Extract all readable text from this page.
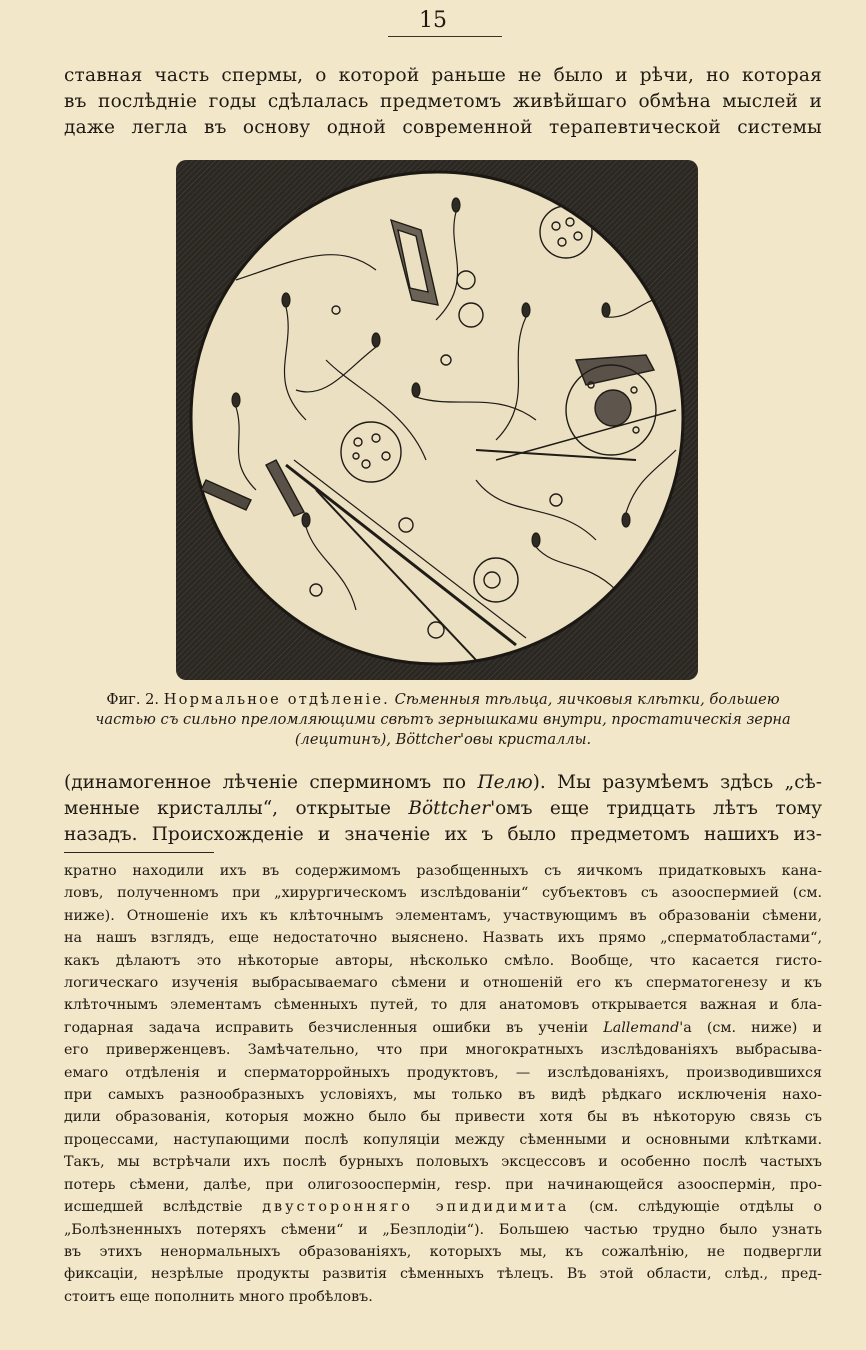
15
ставная часть спермы, о которой раньше не было и рѣчи, но которая
въ послѣдніе годы сдѣлалась предметомъ живѣйшаго обмѣна мыслей и
даже легла въ основу одной современной терапевтической системы
Фиг. 2. Нормальное отдѣленіе. Сѣменныя тѣльца, яичковыя клѣтки, большею
частью съ сильно преломляющими свѣтъ зернышками внутри, простатическія зерна
(лецитинъ), Böttcher'овы кристаллы.
(динамогенное лѣченіе сперминомъ по Пелю). Мы разумѣемъ здѣсь „сѣ-
менные кристаллы“, открытые Böttcher'омъ еще тридцать лѣтъ тому
назадъ. Происхожденіе и значеніе их ъ было предметомъ нашихъ из-
кратно находили ихъ въ содержимомъ разобщенныхъ съ яичкомъ придатковыхъ кана-
ловъ, полученномъ при „хирургическомъ изслѣдованіи“ субъектовъ съ азооспермией (см.
ниже). Отношеніе ихъ къ клѣточнымъ элементамъ, участвующимъ въ образованіи сѣмени,
на нашъ взглядъ, еще недостаточно выяснено. Назвать ихъ прямо „сперматобластами“,
какъ дѣлаютъ это нѣкоторые авторы, нѣсколько смѣло. Вообще, что касается гисто-
логическаго изученія выбрасываемаго сѣмени и отношеній его къ сперматогенезу и къ
клѣточнымъ элементамъ сѣменныхъ путей, то для анатомовъ открывается важная и бла-
годарная задача исправить безчисленныя ошибки въ ученіи Lallemand'а (см. ниже) и
его приверженцевъ. Замѣчательно, что при многократныхъ изслѣдованіяхъ выбрасыва-
емаго отдѣленія и сперматорройныхъ продуктовъ, — изслѣдованіяхъ, производившихся
при самыхъ разнообразныхъ условіяхъ, мы только въ видѣ рѣдкаго исключенія нахо-
дили образованія, которыя можно было бы привести хотя бы въ нѣкоторую связь съ
процессами, наступающими послѣ копуляціи между сѣменными и основными клѣтками.
Такъ, мы встрѣчали ихъ послѣ бурныхъ половыхъ эксцессовъ и особенно послѣ частыхъ
потерь сѣмени, далѣе, при олигозооспермін, resp. при начинающейся азооспермін, про-
исшедшей вслѣдствіе двусторонняго эпидидимита (см. слѣдующіе отдѣлы о
„Болѣзненныхъ потеряхъ сѣмени“ и „Безплодіи“). Большею частью трудно было узнать
въ этихъ ненормальныхъ образованіяхъ, которыхъ мы, къ сожалѣнію, не подвергли
фиксаціи, незрѣлые продукты развитія сѣменныхъ тѣлецъ. Въ этой области, слѣд., пред-
стоитъ еще пополнить много пробѣловъ.
